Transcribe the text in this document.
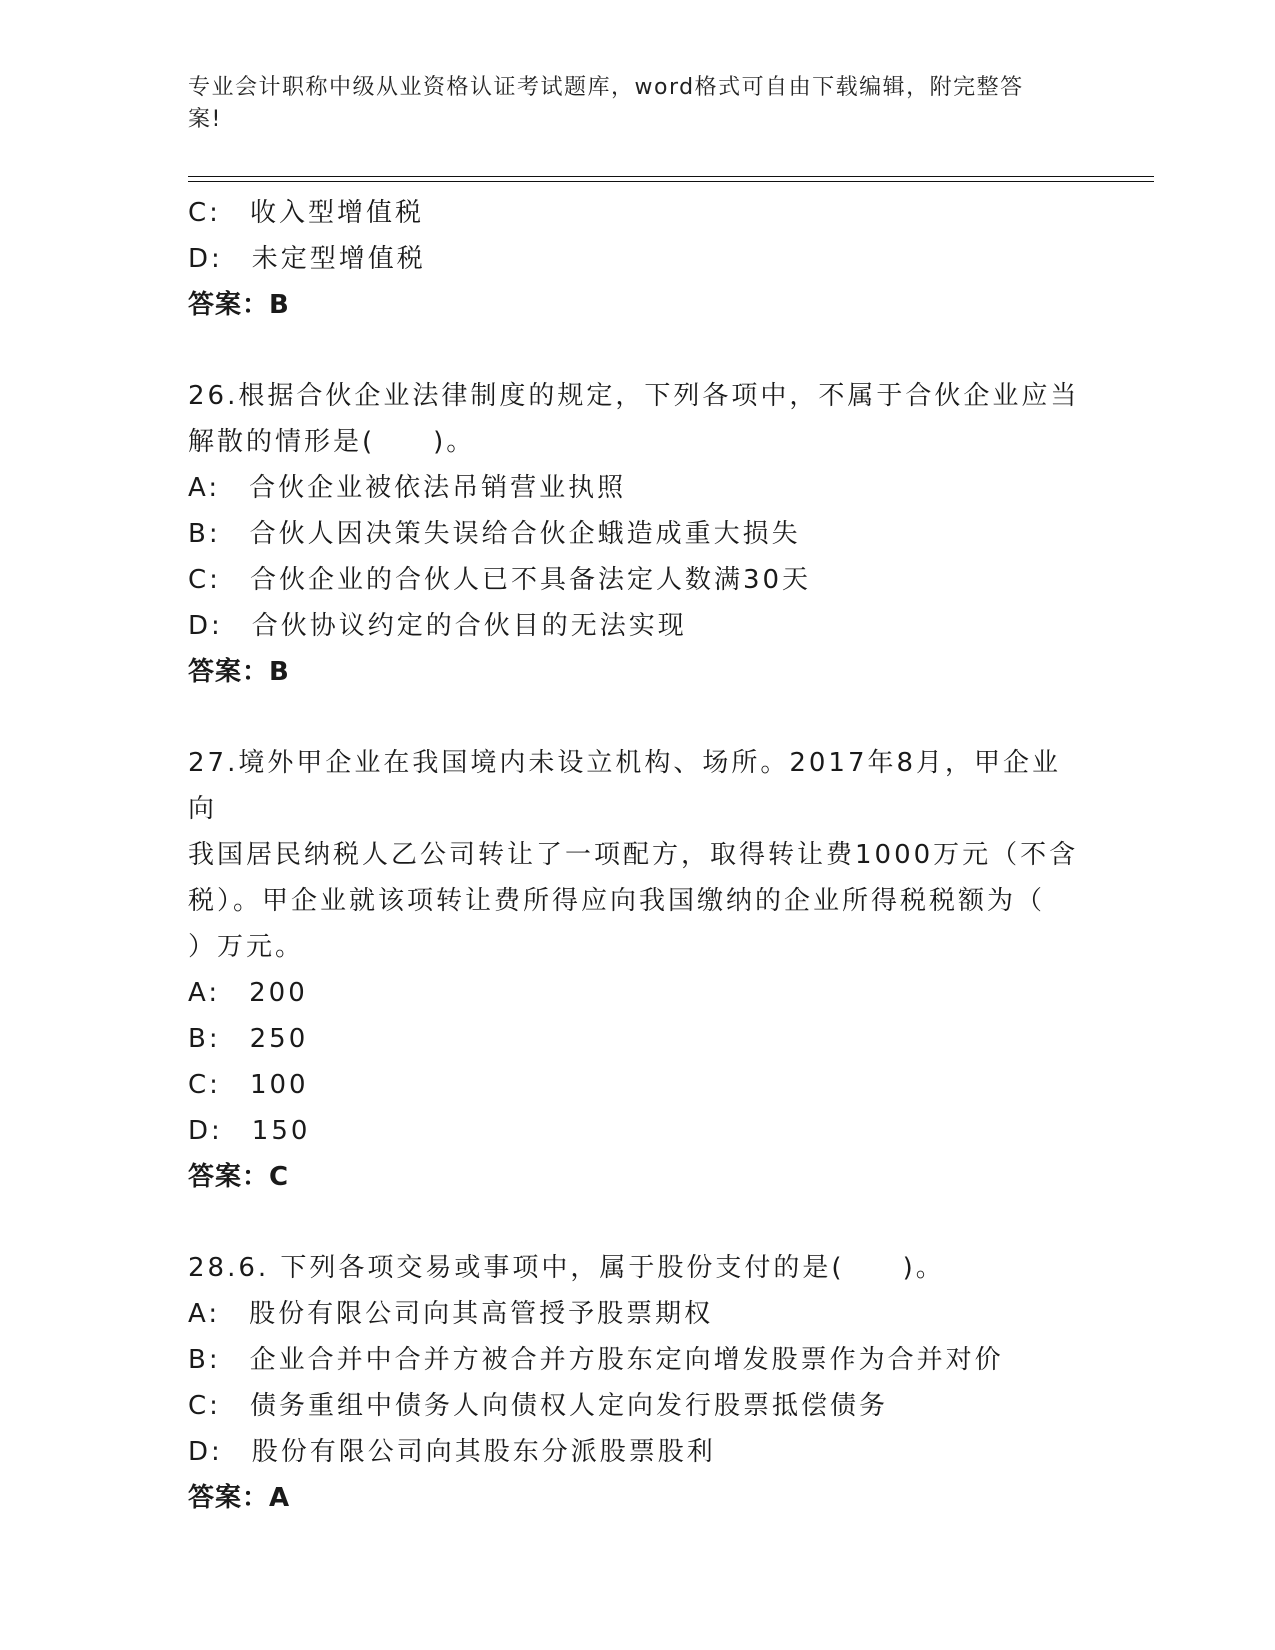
专业会计职称中级从业资格认证考试题库，word格式可自由下载编辑，附完整答
案!
C:　 收入型增值税
D:　 未定型增值税
答案：B
26.根据合伙企业法律制度的规定，下列各项中，不属于合伙企业应当
解散的情形是(　　)。
A:　 合伙企业被依法吊销营业执照
B:　 合伙人因决策失误给合伙企蛾造成重大损失
C:　 合伙企业的合伙人已不具备法定人数满30天
D:　 合伙协议约定的合伙目的无法实现
答案：B
27.境外甲企业在我国境内未设立机构、场所。2017年8月，甲企业向
我国居民纳税人乙公司转让了一项配方，取得转让费1000万元（不含
税）。甲企业就该项转让费所得应向我国缴纳的企业所得税税额为（
）万元。
A:　 200
B:　 250
C:　 100
D:　 150
答案：C
28.6. 下列各项交易或事项中，属于股份支付的是(　　)。
A:　 股份有限公司向其高管授予股票期权
B:　 企业合并中合并方被合并方股东定向增发股票作为合并对价
C:　 债务重组中债务人向债权人定向发行股票抵偿债务
D:　 股份有限公司向其股东分派股票股利
答案：A
